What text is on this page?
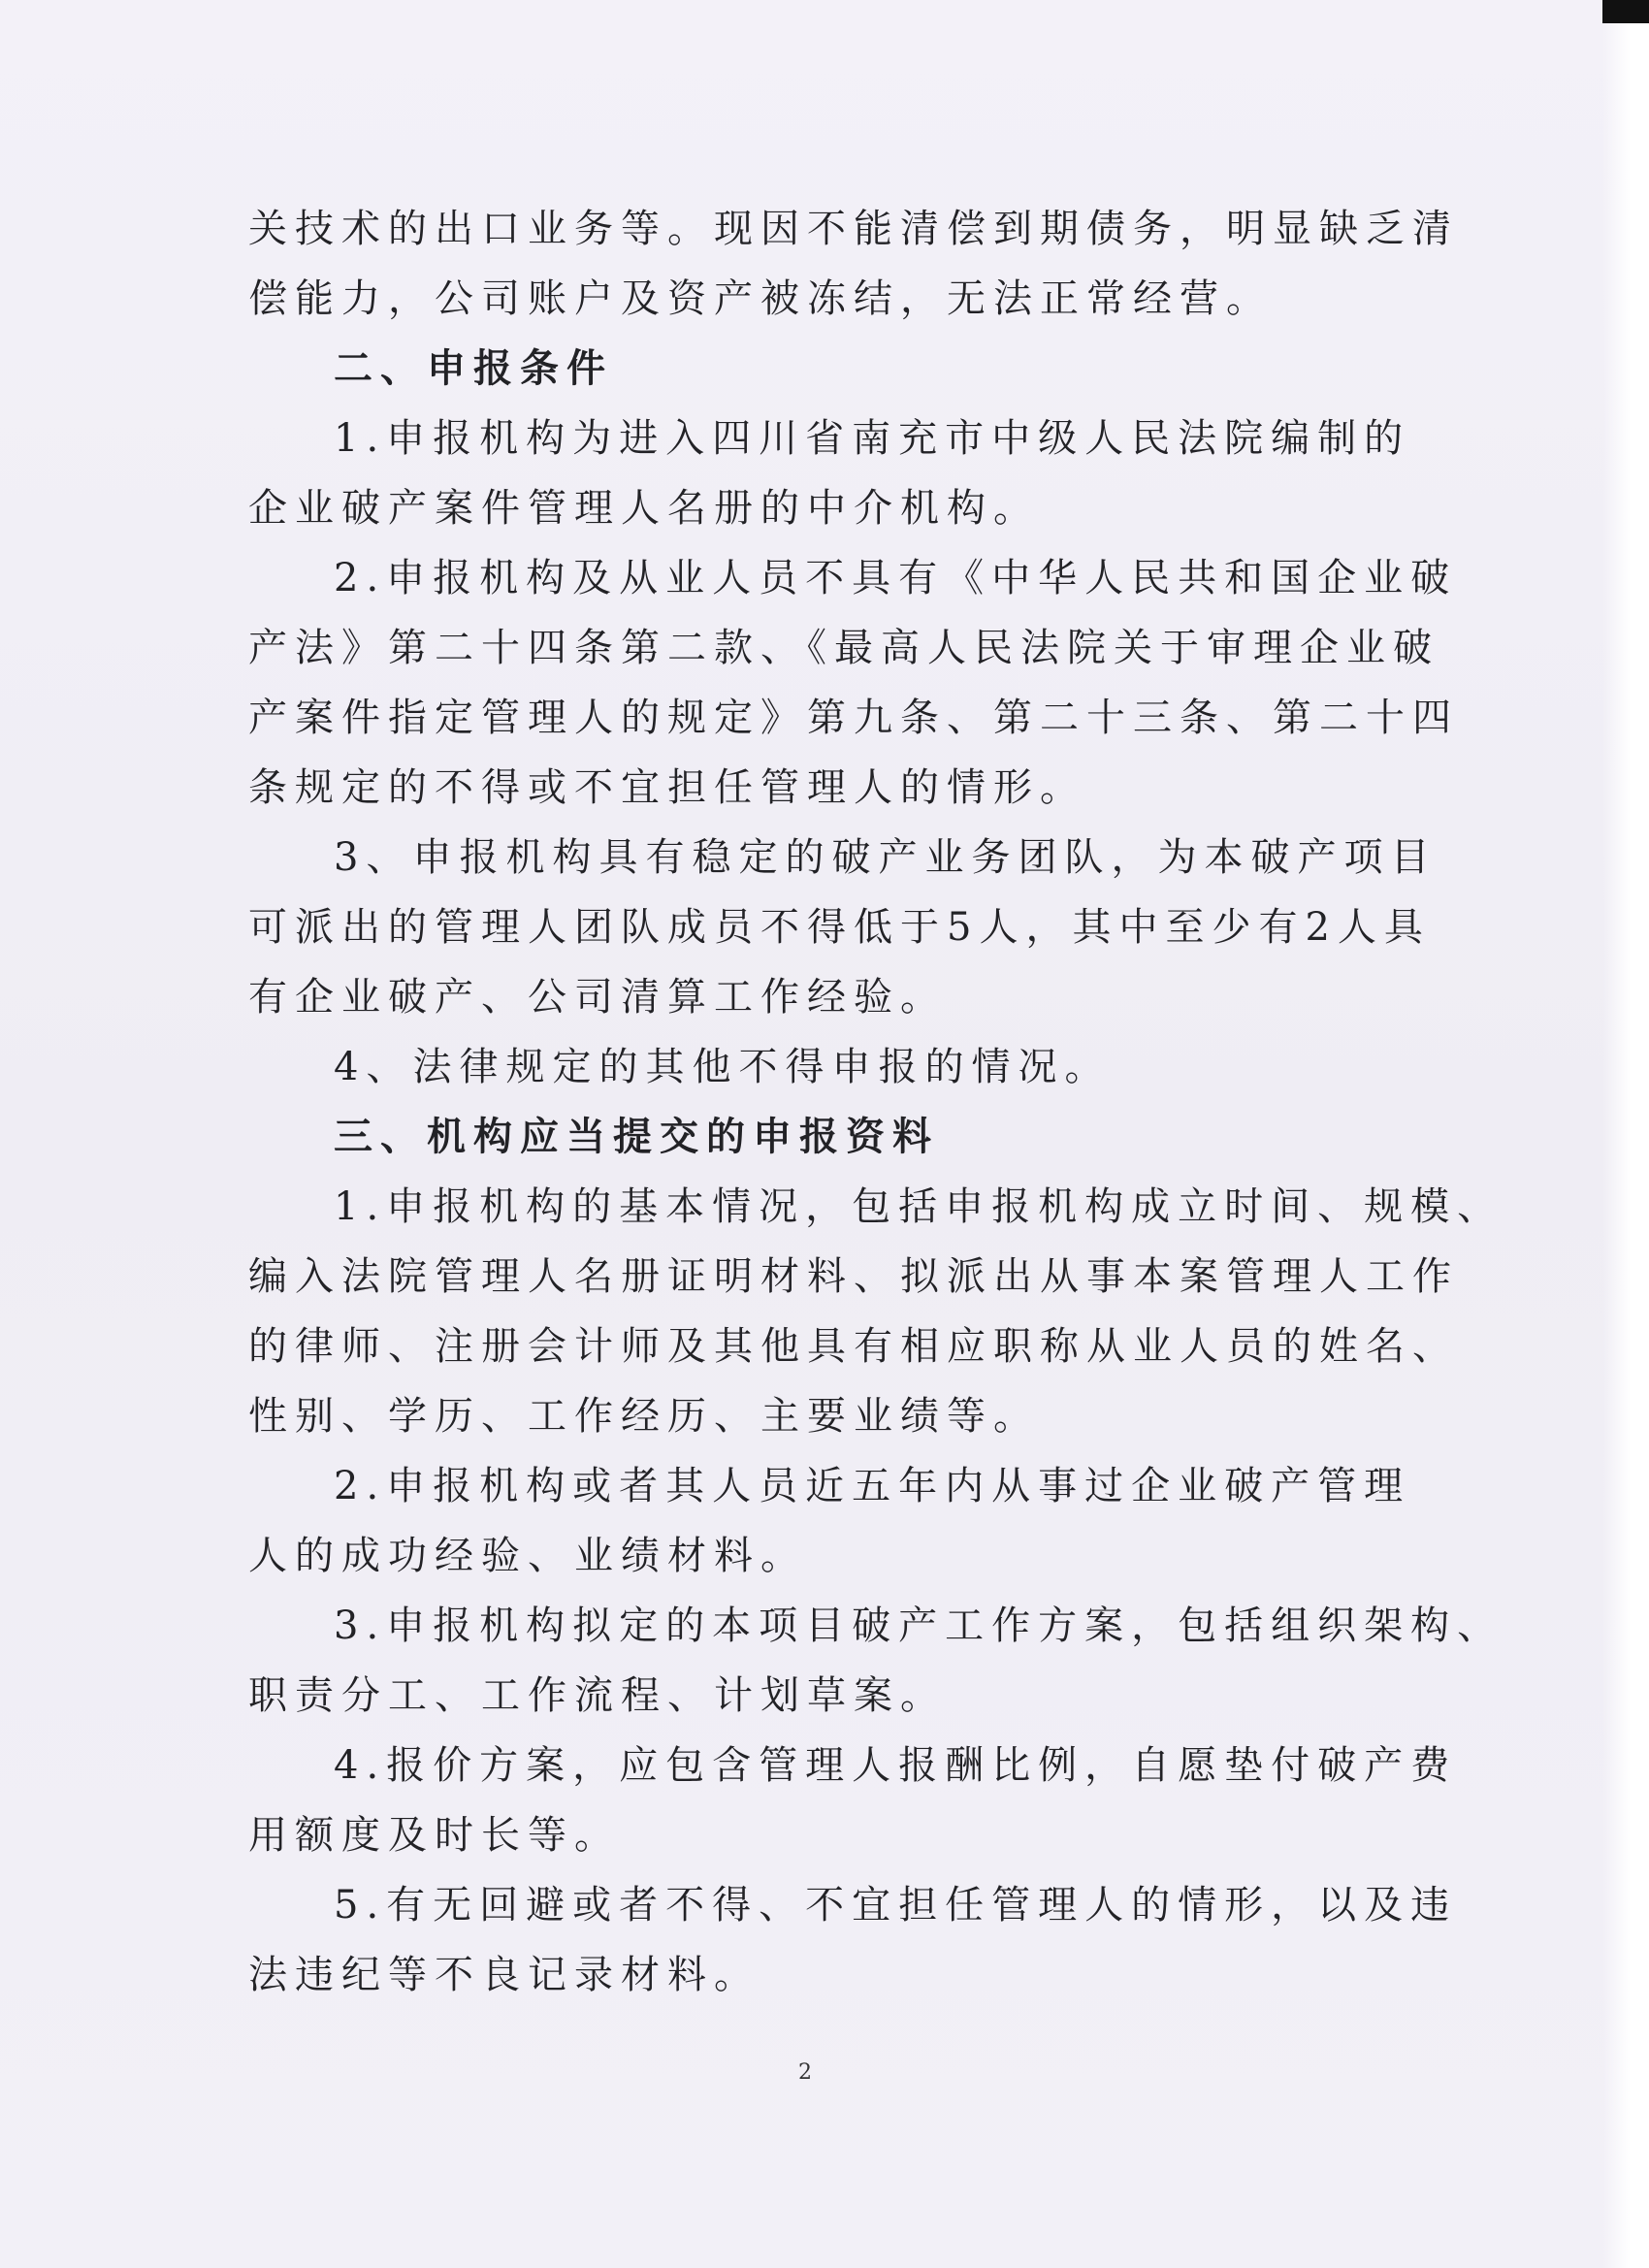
关技术的出口业务等。现因不能清偿到期债务，明显缺乏清
偿能力，公司账户及资产被冻结，无法正常经营。
二、申报条件
1.申报机构为进入四川省南充市中级人民法院编制的
企业破产案件管理人名册的中介机构。
2.申报机构及从业人员不具有《中华人民共和国企业破
产法》第二十四条第二款、《最高人民法院关于审理企业破
产案件指定管理人的规定》第九条、第二十三条、第二十四
条规定的不得或不宜担任管理人的情形。
3、申报机构具有稳定的破产业务团队，为本破产项目
可派出的管理人团队成员不得低于5人，其中至少有2人具
有企业破产、公司清算工作经验。
4、法律规定的其他不得申报的情况。
三、机构应当提交的申报资料
1.申报机构的基本情况，包括申报机构成立时间、规模、
编入法院管理人名册证明材料、拟派出从事本案管理人工作
的律师、注册会计师及其他具有相应职称从业人员的姓名、
性别、学历、工作经历、主要业绩等。
2.申报机构或者其人员近五年内从事过企业破产管理
人的成功经验、业绩材料。
3.申报机构拟定的本项目破产工作方案，包括组织架构、
职责分工、工作流程、计划草案。
4.报价方案，应包含管理人报酬比例，自愿垫付破产费
用额度及时长等。
5.有无回避或者不得、不宜担任管理人的情形，以及违
法违纪等不良记录材料。
2
